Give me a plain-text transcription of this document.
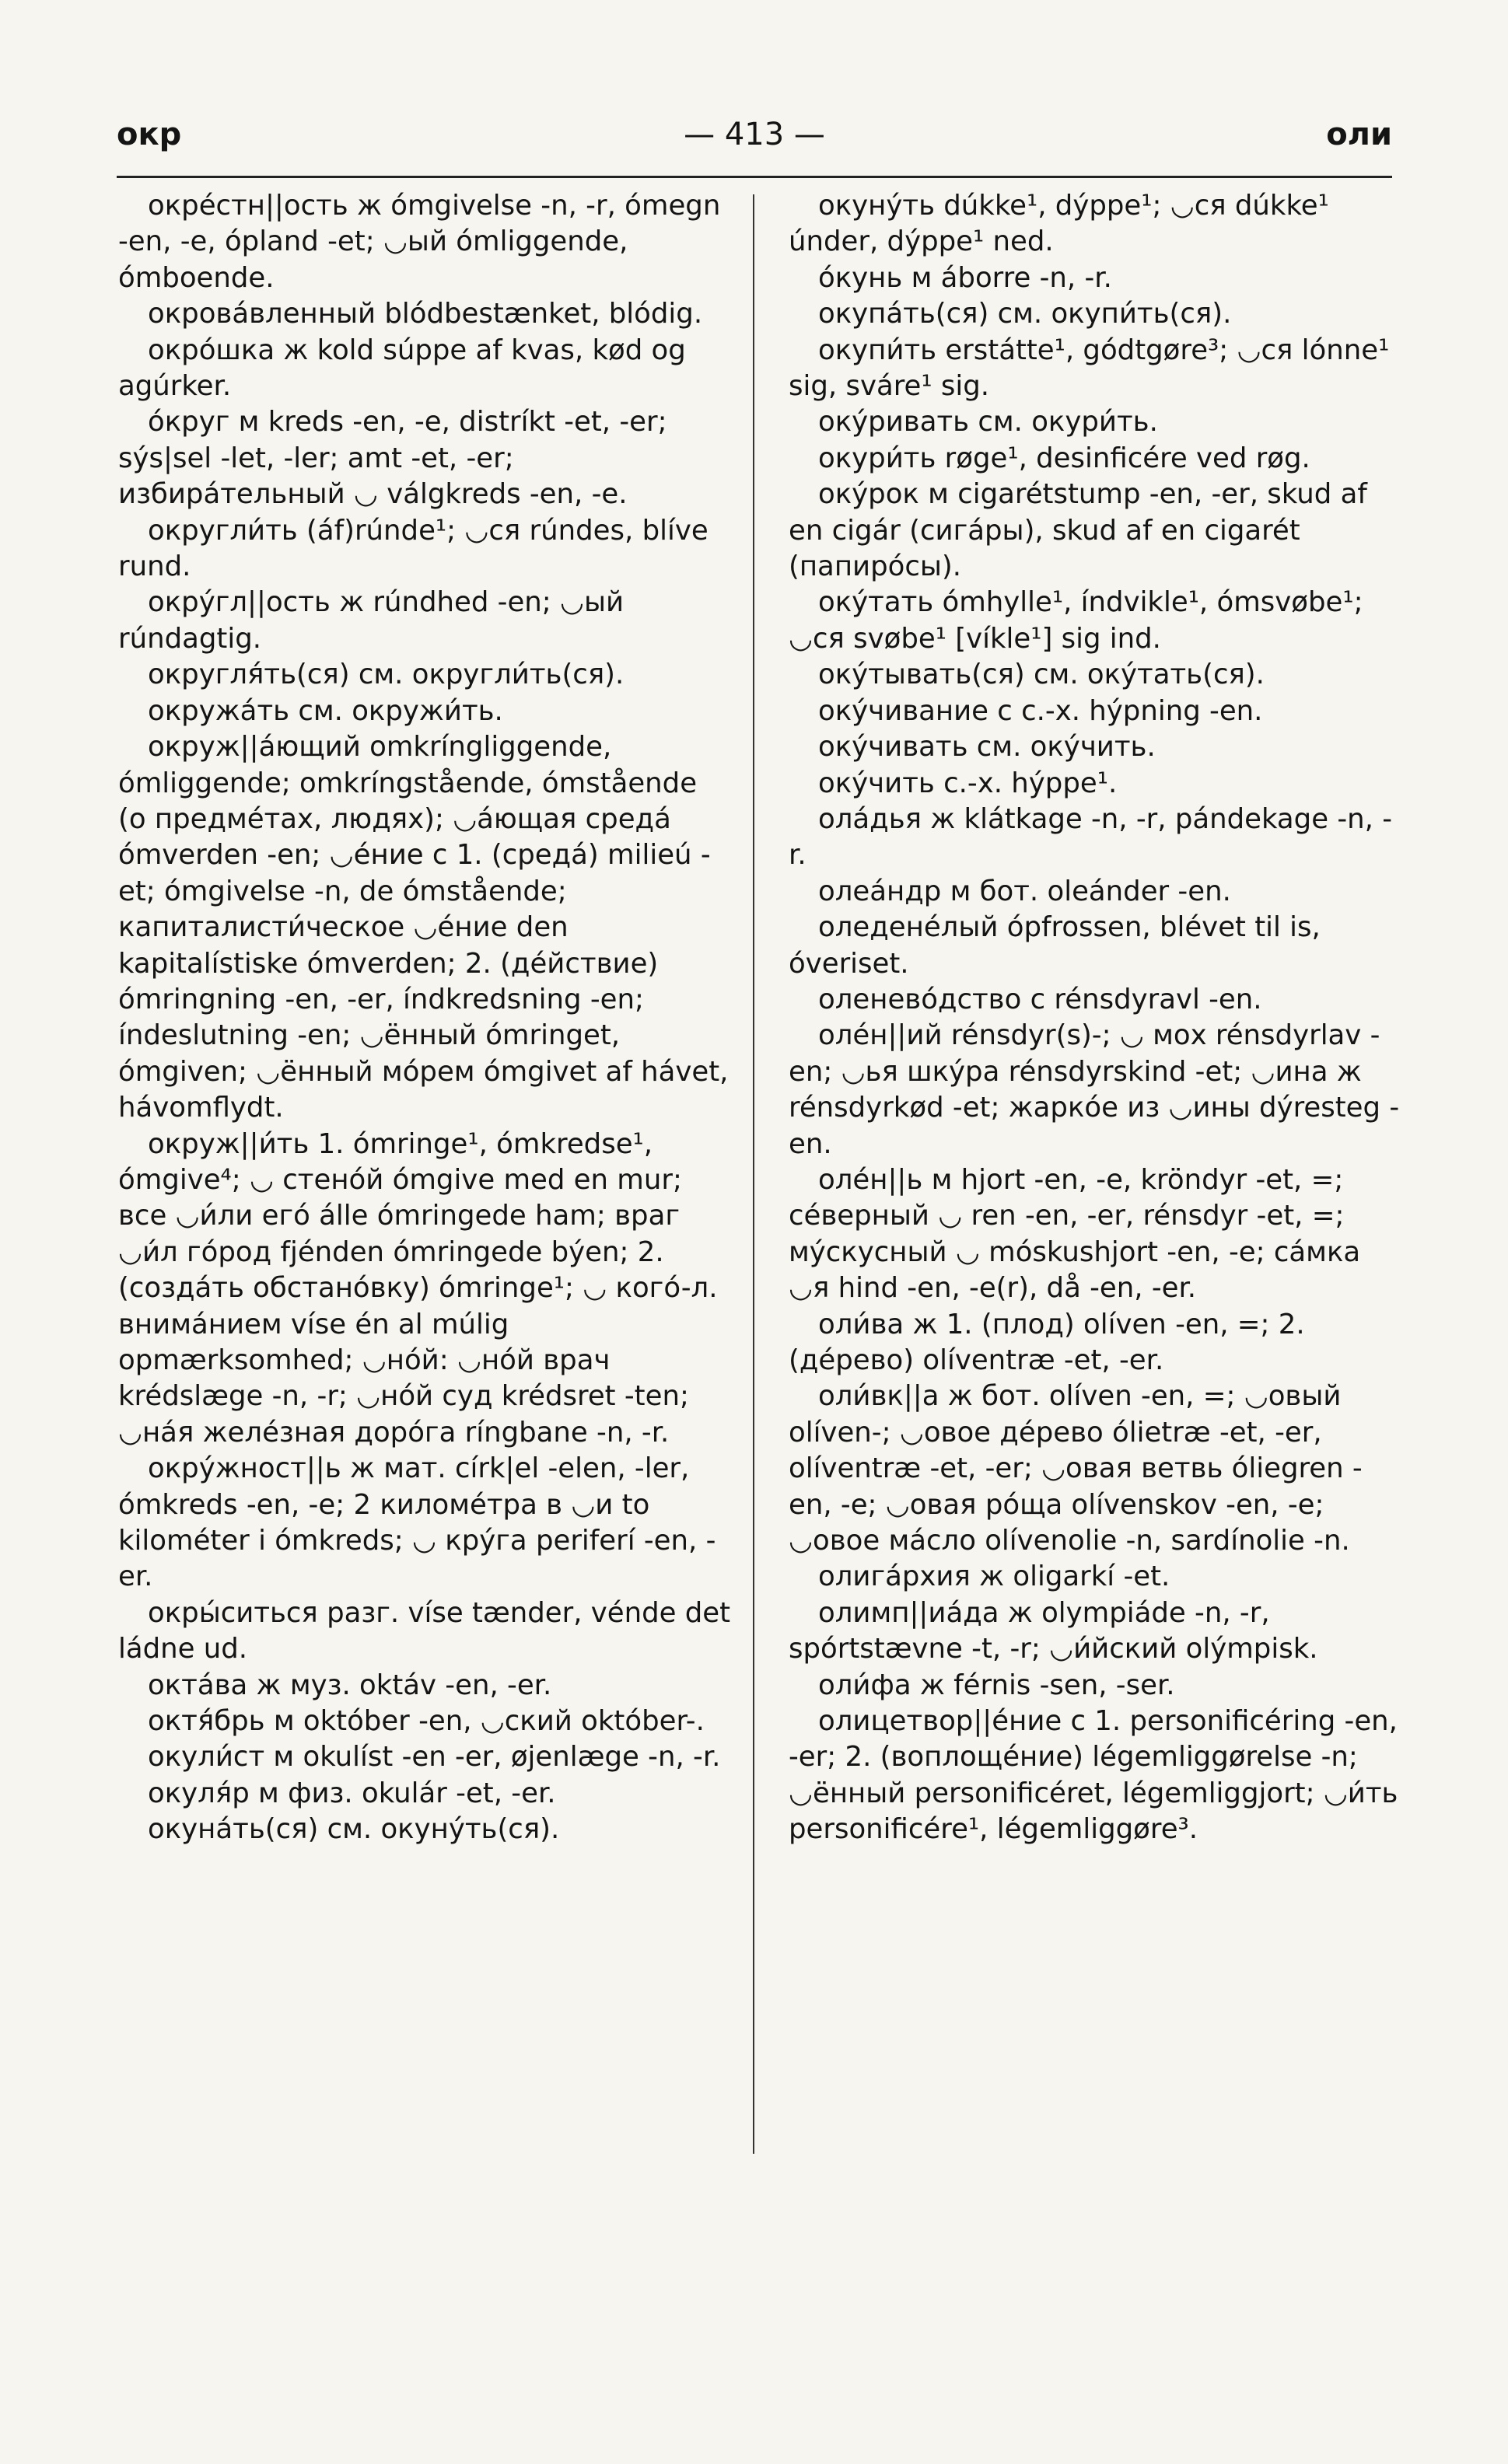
окр	— 413 —	оли

окрéстн||ость ж ómgivelse -n, -r, ómegn -en, -e, ópland -et; ◡ый ómliggende, ómboende.

окровáвленный blódbestænket, blódig.

окрóшка ж kold súppe af kvas, kød og agúrker.

óкруг м kreds -en, -e, distríkt -et, -er; sýs|sel -let, -ler; amt -et, -er; избирáтельный ◡ válgkreds -en, -e.

округли́ть (áf)rúnde¹; ◡ся rúndes, blíve rund.

окрýгл||ость ж rúndhed -en; ◡ый rúndagtig.

округля́ть(ся) см. округли́ть(ся).

окружáть см. окружи́ть.

окруж||áющий omkríngliggende, ómliggende; omkríngstående, ómstående (о предмéтах, людях); ◡áющая средá ómverden -en; ◡éние с 1. (средá) milieú -et; ómgivelse -n, de ómstående; капиталисти́ческое ◡éние den kapitalístiske ómverden; 2. (дéйствие) ómringning -en, -er, índkredsning -en; índeslutning -en; ◡ённый ómringet, ómgiven; ◡ённый мóрем ómgivet af hávet, hávomflydt.

окруж||и́ть 1. ómringe¹, ómkredse¹, ómgive⁴; ◡ стенóй ómgive med en mur; все ◡и́ли егó álle ómringede ham; враг ◡и́л гóрод fjénden ómringede býen; 2. (создáть обстанóвку) ómringe¹; ◡ когó-л. внимáнием víse én al múlig opmærksomhed; ◡нóй: ◡нóй врач krédslæge -n, -r; ◡нóй суд krédsret -ten; ◡нáя желéзная дорóга ríngbane -n, -r.

окрýжност||ь ж мат. círk|el -elen, -ler, ómkreds -en, -e; 2 киломéтра в ◡и to kilométer i ómkreds; ◡ крýга periferí -en, -er.

окры́ситься разг. víse tænder, vénde det ládne ud.

октáва ж муз. oktáv -en, -er.

октя́брь м október -en, ◡ский október-.

окули́ст м okulíst -en -er, øjenlæge -n, -r.

окуля́р м физ. okulár -et, -er.

окунáть(ся) см. окунýть(ся).

окунýть dúkke¹, dýppe¹; ◡ся dúkke¹ únder, dýppe¹ ned.

óкунь м áborre -n, -r.

окупáть(ся) см. окупи́ть(ся).

окупи́ть erstátte¹, gódtgøre³; ◡ся lónne¹ sig, sváre¹ sig.

окýривать см. окури́ть.

окури́ть røge¹, desinficére ved røg.

окýрок м cigarétstump -en, -er, skud af en cigár (сигáры), skud af en cigarét (папирóсы).

окýтать ómhylle¹, índvikle¹, ómsvøbe¹; ◡ся svøbe¹ [víkle¹] sig ind.

окýтывать(ся) см. окýтать(ся).

окýчивание с с.-х. hýpning -en.

окýчивать см. окýчить.

окýчить с.-х. hýppe¹.

олáдья ж klátkage -n, -r, pándekage -n, -r.

олеáндр м бот. oleánder -en.

оледенéлый ópfrossen, blévet til is, óveriset.

оленевóдство с rénsdyravl -en.

олéн||ий rénsdyr(s)-; ◡ мох rénsdyrlav -en; ◡ья шкýра rénsdyrskind -et; ◡ина ж rénsdyrkød -et; жаркóе из ◡ины dýresteg -en.

олéн||ь м hjort -en, -e, kröndyr -et, =; сéверный ◡ ren -en, -er, rénsdyr -et, =; мýскусный ◡ móskushjort -en, -e; сáмка ◡я hind -en, -e(r), då -en, -er.

оли́ва ж 1. (плод) olíven -en, =; 2. (дéрево) olíventræ -et, -er.

оли́вк||а ж бот. olíven -en, =; ◡овый olíven-; ◡овое дéрево ólietræ -et, -er, olíventræ -et, -er; ◡овая ветвь óliegren -en, -e; ◡овая рóща olívenskov -en, -e; ◡овое мáсло olívenolie -n, sardínolie -n.

олигáрхия ж oligarkí -et.

олимп||иáда ж olympiáde -n, -r, spórtstævne -t, -r; ◡и́йский olýmpisk.

оли́фа ж férnis -sen, -ser.

олицетвор||éние с 1. personificéring -en, -er; 2. (воплощéние) légemliggørelse -n; ◡ённый personificéret, légemliggjort; ◡и́ть personificére¹, légemliggøre³.
